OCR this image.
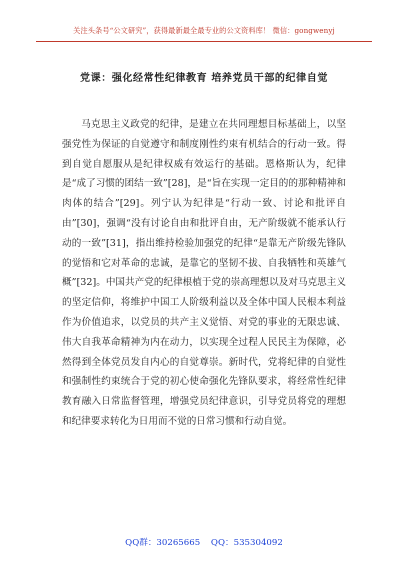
关注头条号“公文研究”，获得最新最全最专业的公文资料库！ 微信：gongwenyj
党课：强化经常性纪律教育 培养党员干部的纪律自觉

马克思主义政党的纪律，是建立在共同理想目标基础上，以坚强党性为保证的自觉遵守和制度刚性约束有机结合的行动一致。得到自觉自愿服从是纪律权威有效运行的基础。恩格斯认为，纪律是“成了习惯的团结一致”[28]，是“旨在实现一定目的的那种精神和肉体的结合”[29]。列宁认为纪律是“行动一致、讨论和批评自由”[30]，强调“没有讨论自由和批评自由，无产阶级就不能承认行动的一致”[31]，指出维持检验加强党的纪律“是靠无产阶级先锋队的觉悟和它对革命的忠诚，是靠它的坚韧不拔、自我牺牲和英雄气概”[32]。中国共产党的纪律根植于党的崇高理想以及对马克思主义的坚定信仰，将维护中国工人阶级利益以及全体中国人民根本利益作为价值追求，以党员的共产主义觉悟、对党的事业的无限忠诚、伟大自我革命精神为内在动力，以实现全过程人民民主为保障，必然得到全体党员发自内心的自觉尊崇。新时代，党将纪律的自觉性和强制性约束统合于党的初心使命强化先锋队要求，将经常性纪律教育融入日常监督管理，增强党员纪律意识，引导党员将党的理想和纪律要求转化为日用而不觉的日常习惯和行动自觉。

QQ群：30265665 QQ：535304092
